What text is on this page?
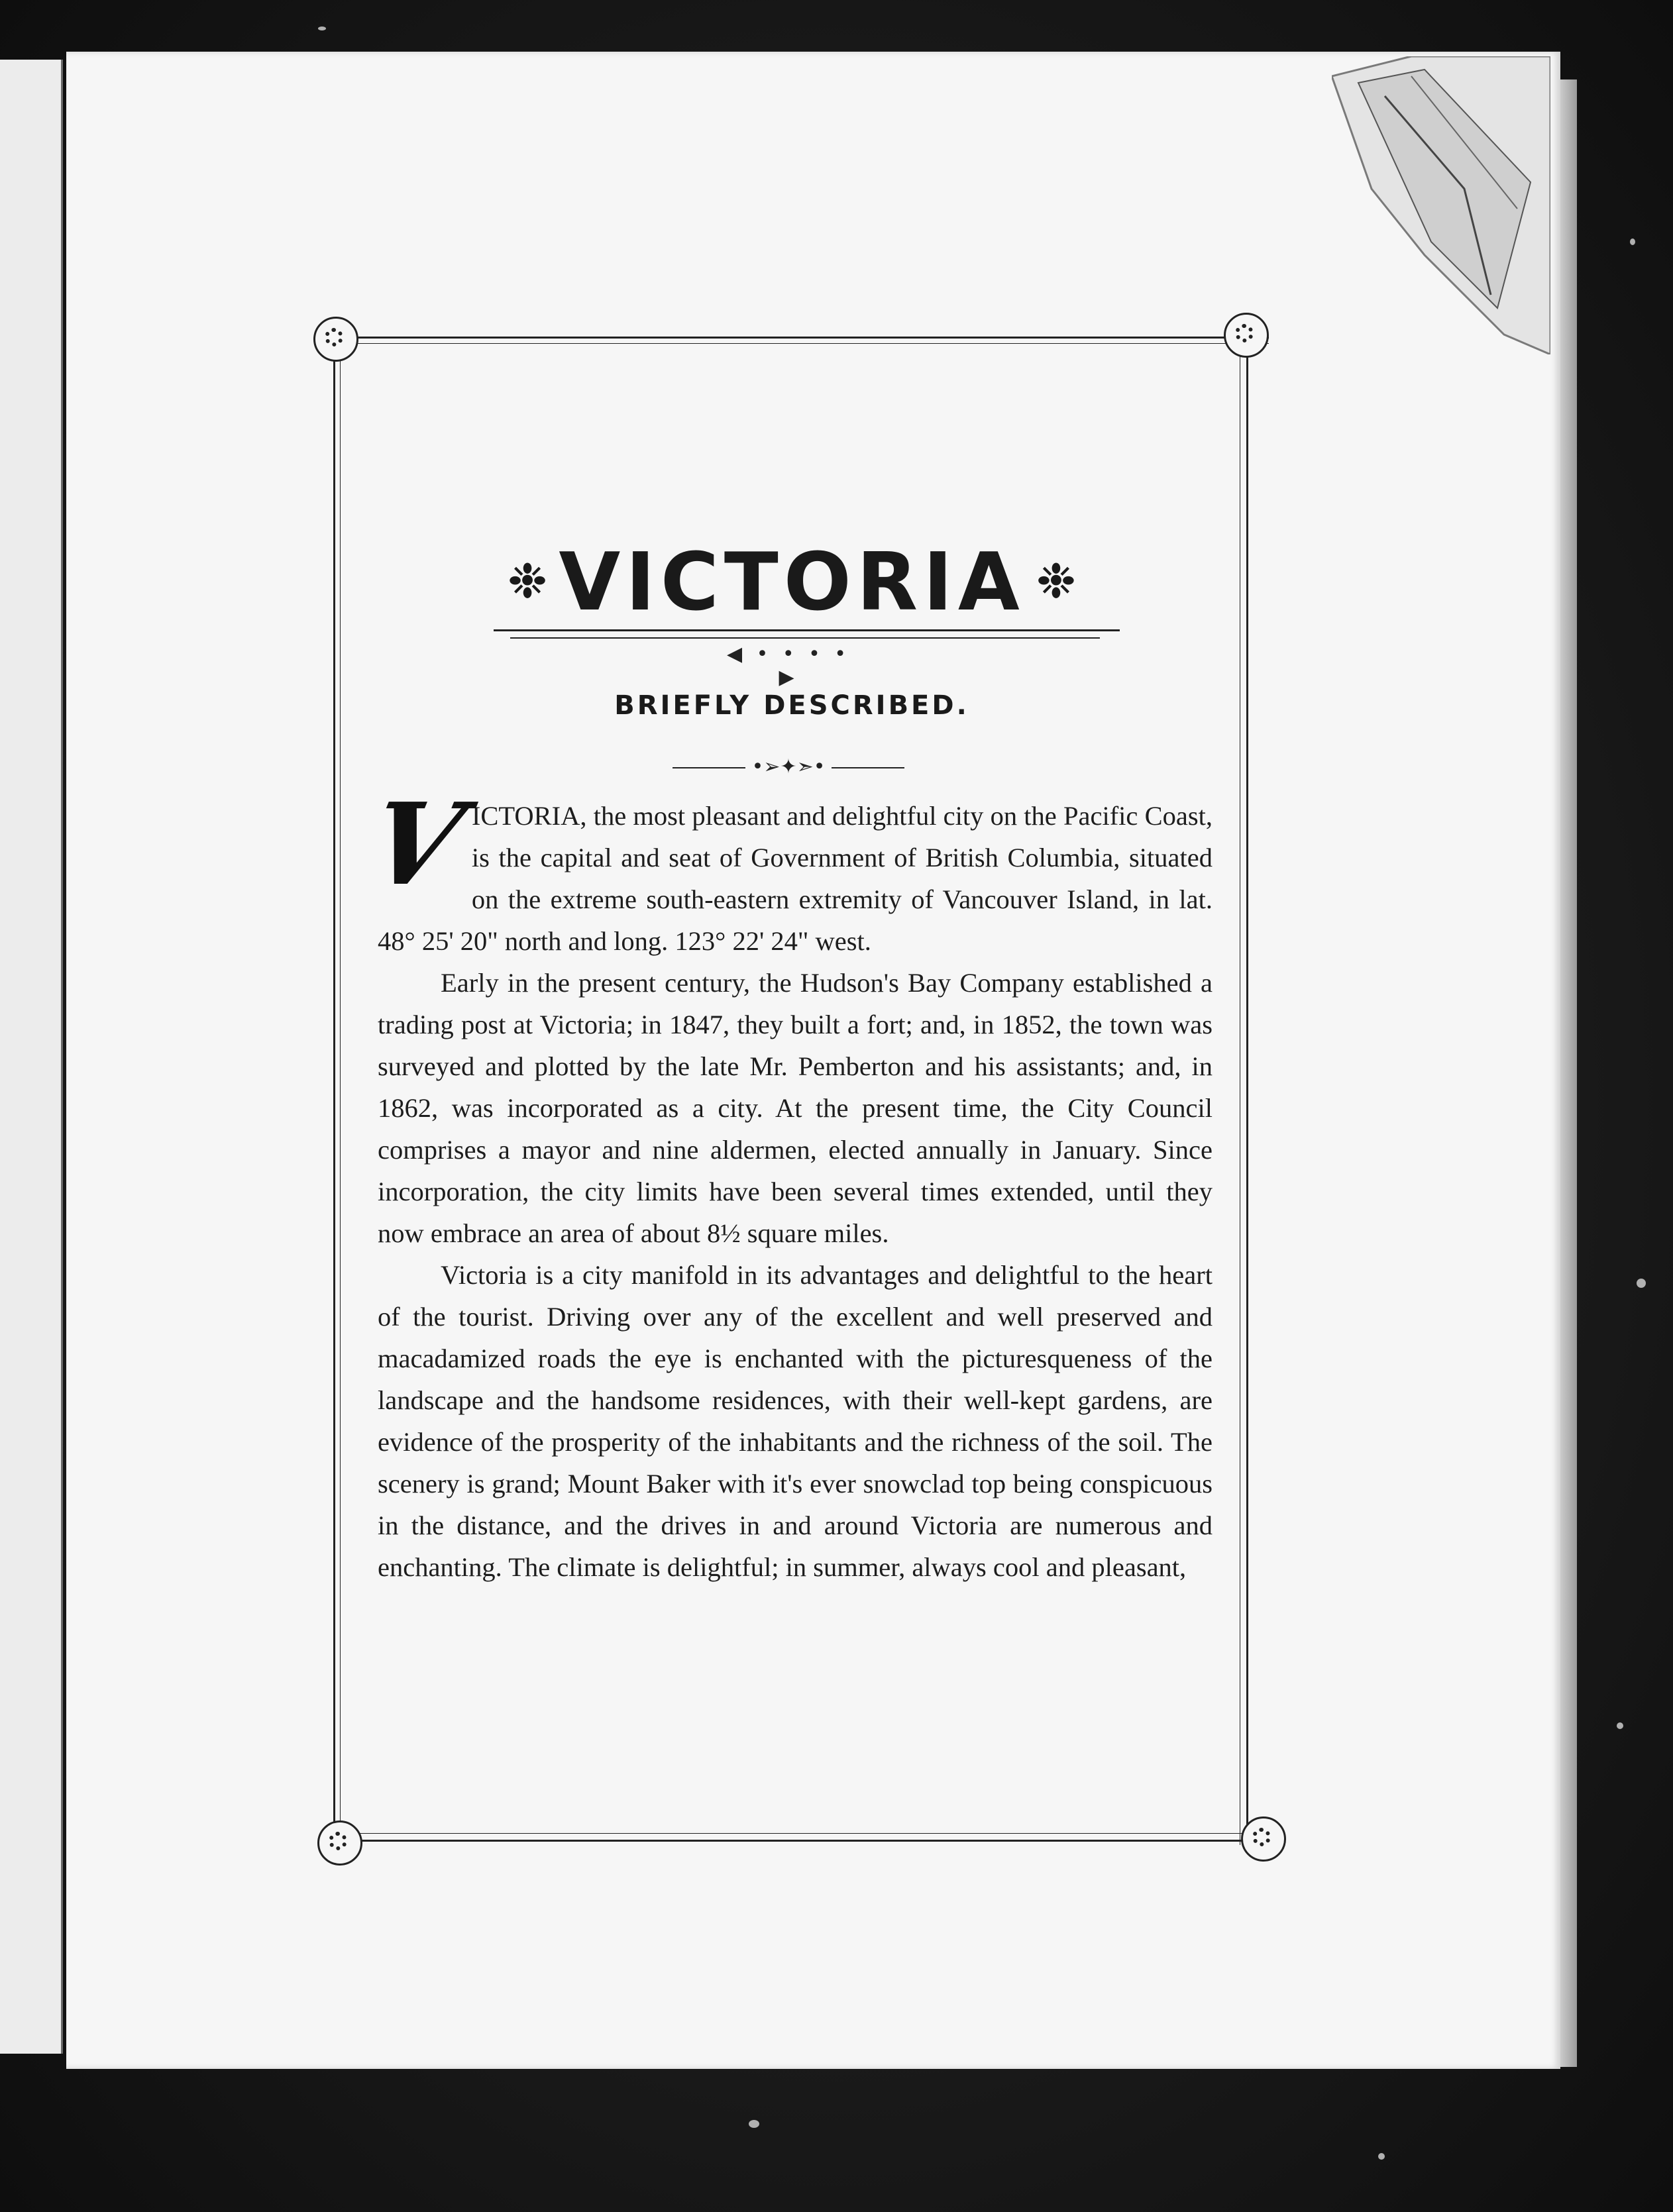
❉ VICTORIA ❉
◀ • • • • ▶
BRIEFLY DESCRIBED.
•➢✦➣•
V

ICTORIA, the most pleasant and delightful city on the Pacific Coast, is the capital and seat of Government of British Columbia, situated on the extreme south-eastern extremity of Vancouver Island, in lat. 48° 25' 20" north and long. 123° 22' 24" west.

Early in the present century, the Hudson's Bay Company established a trading post at Victoria; in 1847, they built a fort; and, in 1852, the town was surveyed and plotted by the late Mr. Pemberton and his assistants; and, in 1862, was incorporated as a city. At the present time, the City Council comprises a mayor and nine aldermen, elected annually in January. Since incorporation, the city limits have been several times extended, until they now embrace an area of about 8½ square miles.

Victoria is a city manifold in its advantages and delightful to the heart of the tourist. Driving over any of the excellent and well preserved and macadamized roads the eye is enchanted with the picturesqueness of the landscape and the handsome residences, with their well-kept gardens, are evidence of the prosperity of the inhabitants and the richness of the soil. The scenery is grand; Mount Baker with it's ever snowclad top being conspicuous in the distance, and the drives in and around Victoria are numerous and enchanting. The climate is delightful; in summer, always cool and pleasant,
